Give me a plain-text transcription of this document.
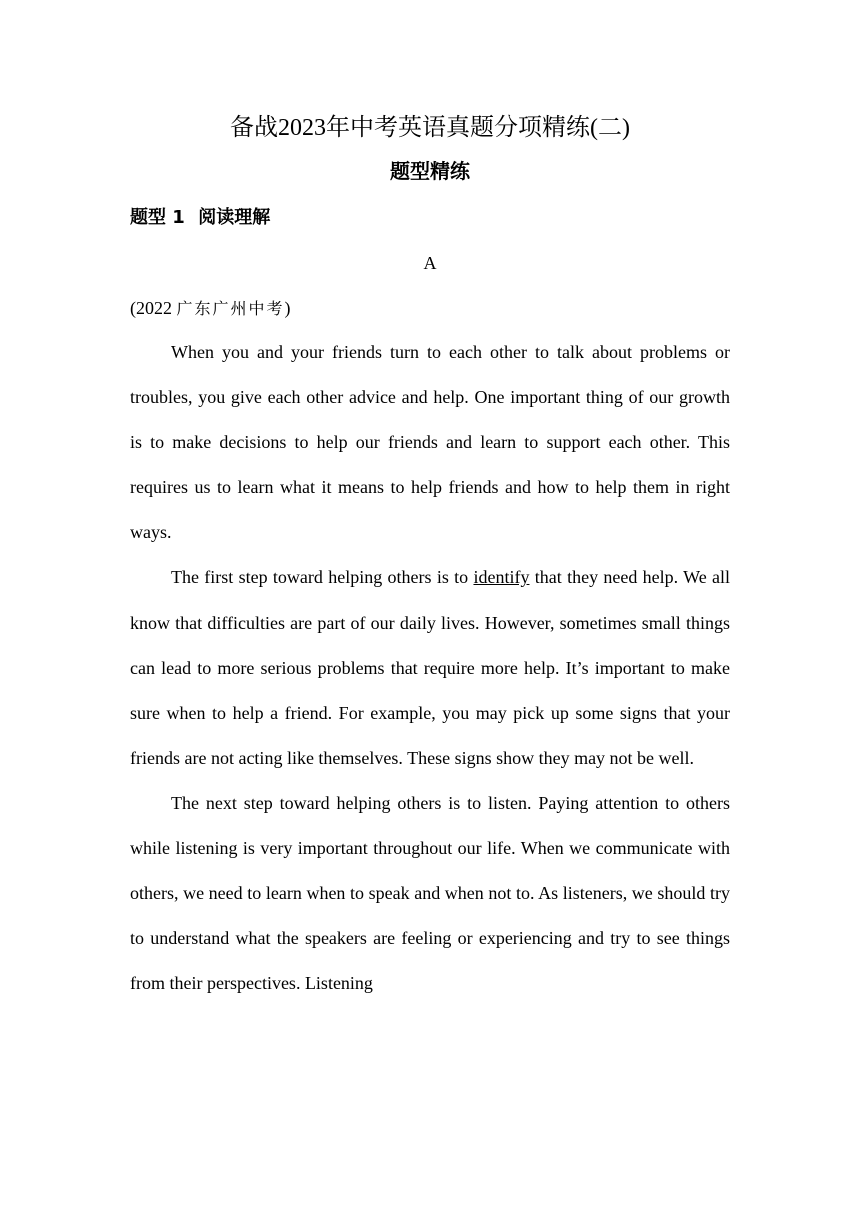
备战2023年中考英语真题分项精练(二)
题型精练
题型 1 阅读理解
A
(2022 广东广州中考)

When you and your friends turn to each other to talk about problems or troubles, you give each other advice and help. One important thing of our growth is to make decisions to help our friends and learn to support each other. This requires us to learn what it means to help friends and how to help them in right ways.

The first step toward helping others is to identify that they need help. We all know that difficulties are part of our daily lives. However, sometimes small things can lead to more serious problems that require more help. It’s important to make sure when to help a friend. For example, you may pick up some signs that your friends are not acting like themselves. These signs show they may not be well.

The next step toward helping others is to listen. Paying attention to others while listening is very important throughout our life. When we communicate with others, we need to learn when to speak and when not to. As listeners, we should try to understand what the speakers are feeling or experiencing and try to see things from their perspectives. Listening
